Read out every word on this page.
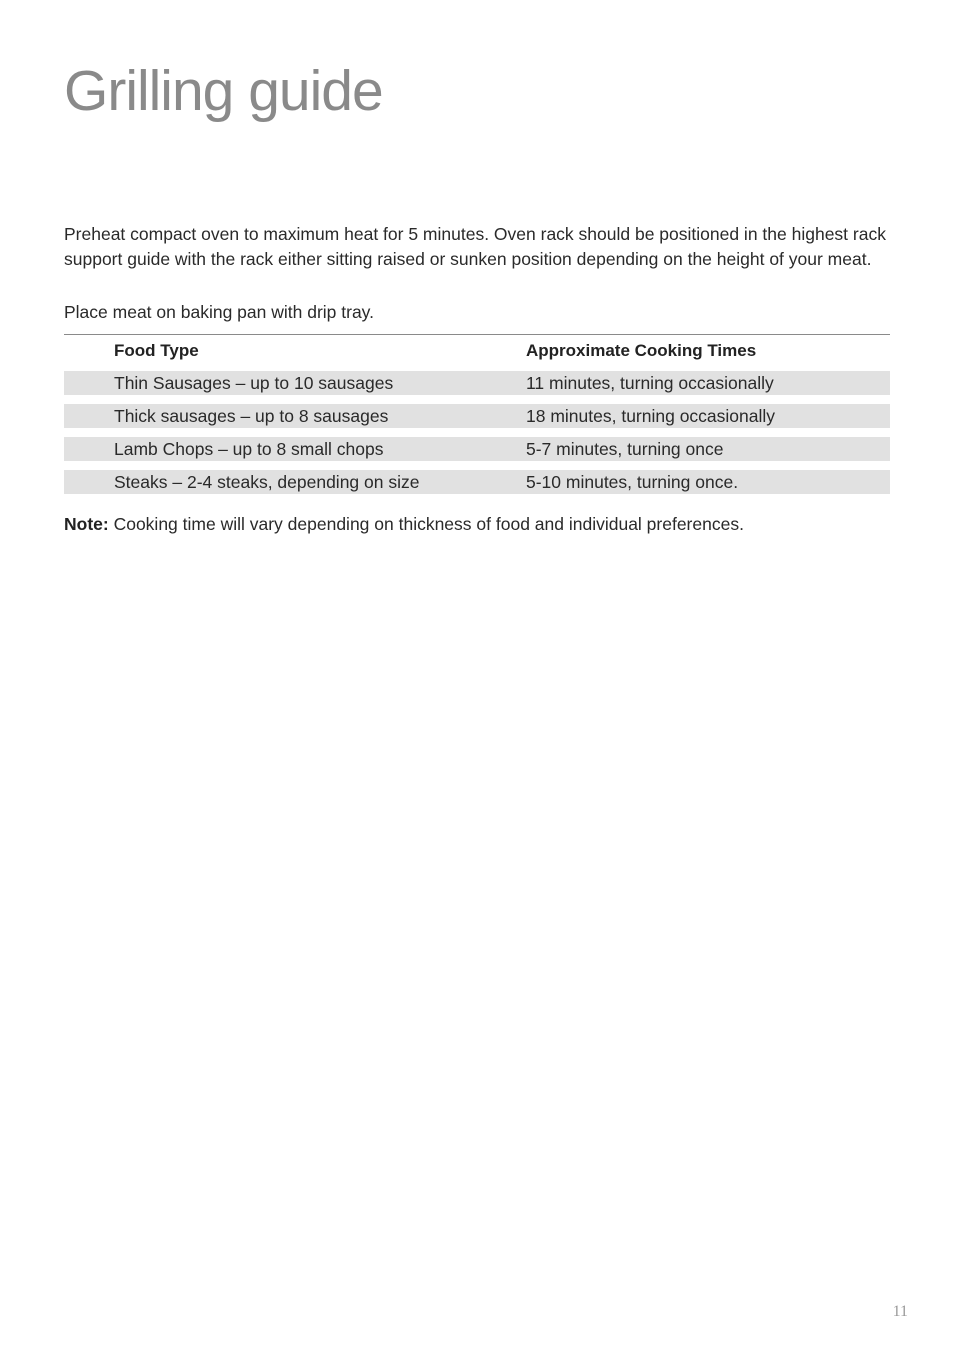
Grilling guide

Preheat compact oven to maximum heat for 5 minutes. Oven rack should be positioned in the highest rack support guide with the rack either sitting raised or sunken position depending on the height of your meat.

Place meat on baking pan with drip tray.

Food Type	Approximate Cooking Times
Thin Sausages – up to 10 sausages	11 minutes, turning occasionally
Thick sausages – up to 8 sausages	18 minutes, turning occasionally
Lamb Chops – up to 8 small chops	5-7 minutes, turning once
Steaks – 2-4 steaks, depending on size	5-10 minutes, turning once.

Note: Cooking time will vary depending on thickness of food and individual preferences.

11
